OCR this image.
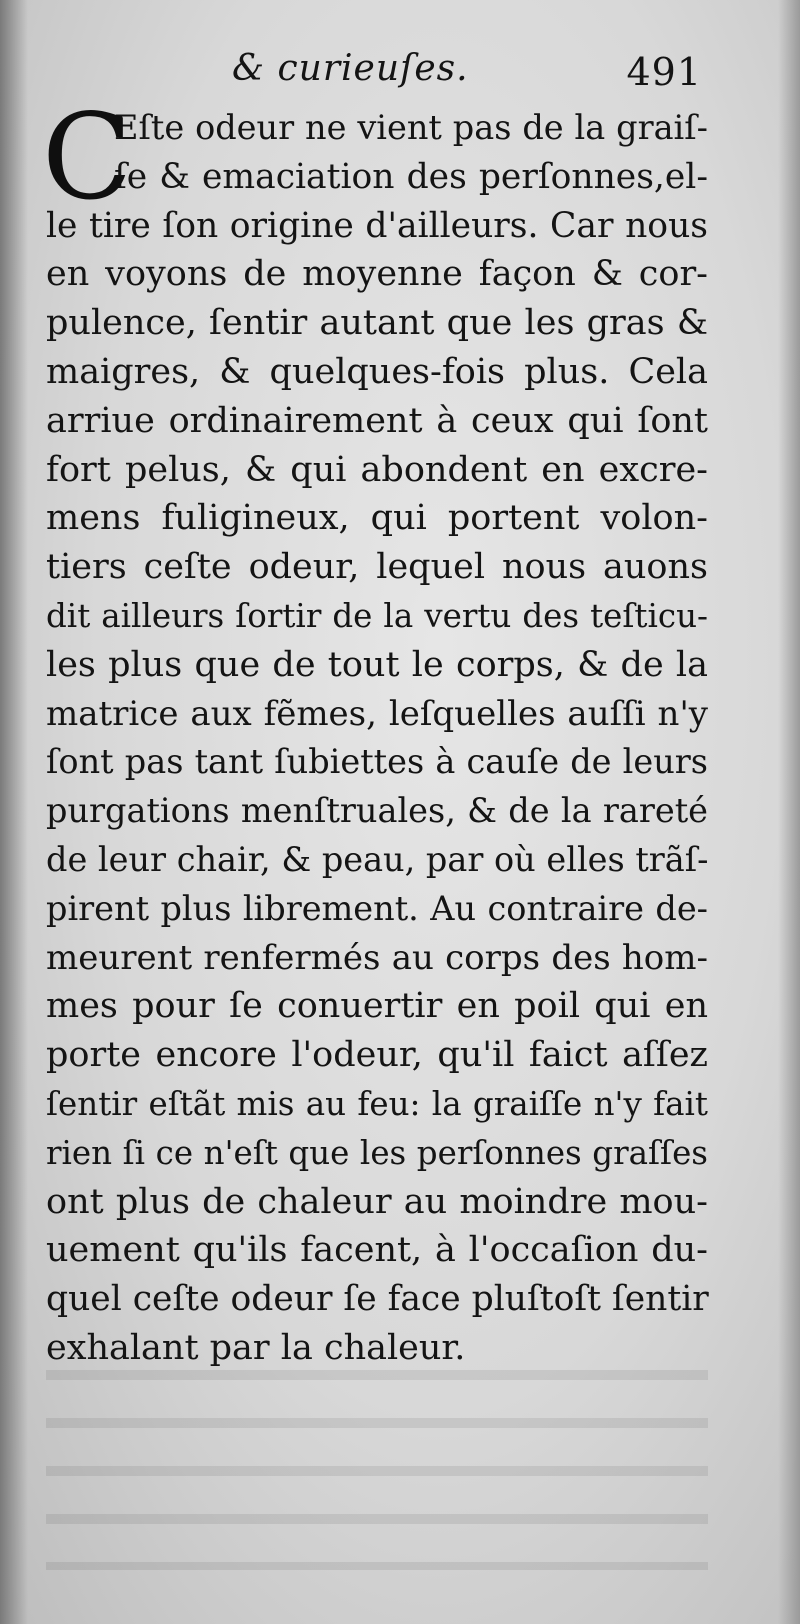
& curieuſes.	491
C
Eſte odeur ne vient pas de la graiſ-
ſe & emaciation des perſonnes,el-
le tire ſon origine d'ailleurs. Car nous
en voyons de moyenne façon & cor-
pulence, ſentir autant que les gras &
maigres, & quelques-fois plus. Cela
arriue ordinairement à ceux qui ſont
fort pelus, & qui abondent en excre-
mens fuligineux, qui portent volon-
tiers ceſte odeur, lequel nous auons
dit ailleurs ſortir de la vertu des teſticu-
les plus que de tout le corps, & de la
matrice aux fẽmes, leſquelles auſſi n'y
ſont pas tant ſubiettes à cauſe de leurs
purgations menſtruales, & de la rareté
de leur chair, & peau, par où elles trãſ-
pirent plus librement. Au contraire de-
meurent renfermés au corps des hom-
mes pour ſe conuertir en poil qui en
porte encore l'odeur, qu'il faict aſſez
ſentir eſtãt mis au feu: la graiſſe n'y fait
rien ſi ce n'eſt que les perſonnes graſſes
ont plus de chaleur au moindre mou-
uement qu'ils facent, à l'occaſion du-
quel ceſte odeur ſe face pluſtoſt ſentir
exhalant par la chaleur.
